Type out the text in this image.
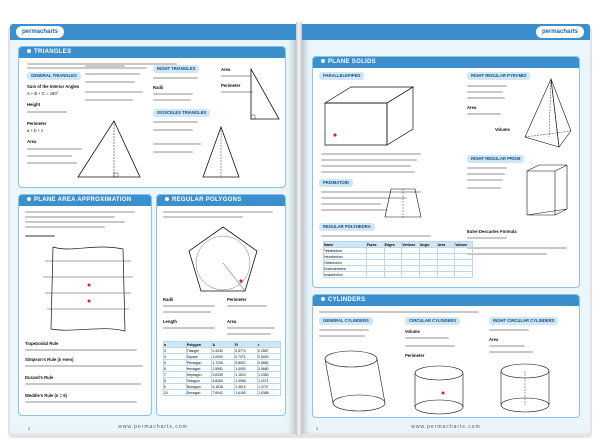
permacharts
TRIANGLES
GENERAL TRIANGLES
Sum of the Interior Angles
A + B + C = 180°
Height
Perimeter
a + b + c
Area
RIGHT TRIANGLES
Radii
ISOSCELES TRIANGLES
Area
Perimeter
PLANE AREA APPROXIMATION
Trapezoidal Rule
Simpson's Rule (n even)
Durand's Rule
Weddle's Rule (n = 6)
REGULAR POLYGONS
Radii	Perimeter
Length	Area
n	Polygon	A	R	r
3	Triangle	0.4330	0.5774	0.2887
4	Square	1.0000	0.7071	0.5000
5	Pentagon	1.7205	0.8507	0.6882
6	Hexagon	2.5981	1.0000	0.8660
7	Heptagon	3.6339	1.1524	1.0383
8	Octagon	4.8284	1.3066	1.2071
9	Nonagon	6.1818	1.4619	1.3737
10	Decagon	7.6942	1.6180	1.5388
www.permacharts.com
2
permacharts
PLANE SOLIDS
PARALLELEPIPED
PRISMATOID
REGULAR POLYHEDRA
Name	Faces	Edges	Vertices	Angle	Area	Volume
Tetrahedron						
Hexahedron						
Octahedron						
Dodecahedron						
Icosahedron						
RIGHT REGULAR PYRAMID
Area
Volume
RIGHT REGULAR PRISM
Euler-Descartes Formula
CYLINDERS
GENERAL CYLINDERS	CIRCULAR CYLINDERS
Volume
Perimeter
RIGHT CIRCULAR CYLINDERS
Area
www.permacharts.com
3
